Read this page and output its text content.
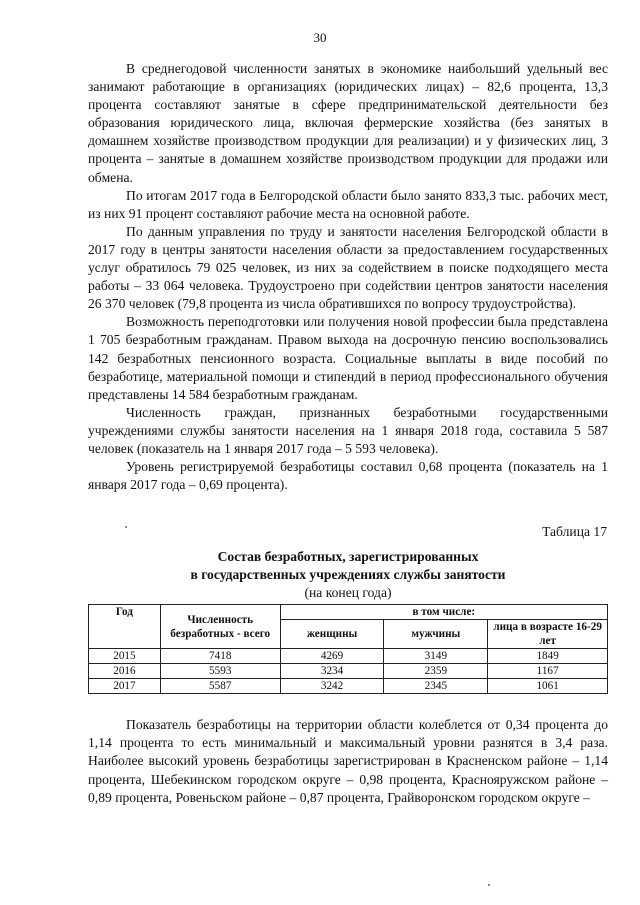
30

В среднегодовой численности занятых в экономике наибольший удельный вес занимают работающие в организациях (юридических лицах) – 82,6 процента, 13,3 процента составляют занятые в сфере предпринимательской деятельности без образования юридического лица, включая фермерские хозяйства (без занятых в домашнем хозяйстве производством продукции для реализации) и у физических лиц, 3 процента – занятые в домашнем хозяйстве производством продукции для продажи или обмена.

По итогам 2017 года в Белгородской области было занято 833,3 тыс. рабочих мест, из них 91 процент составляют рабочие места на основной работе.

По данным управления по труду и занятости населения Белгородской области в 2017 году в центры занятости населения области за предоставлением государственных услуг обратилось 79 025 человек, из них за содействием в поиске подходящего места работы – 33 064 человека. Трудоустроено при содействии центров занятости населения 26 370 человек (79,8 процента из числа обратившихся по вопросу трудоустройства).

Возможность переподготовки или получения новой профессии была представлена 1 705 безработным гражданам. Правом выхода на досрочную пенсию воспользовались 142 безработных пенсионного возраста. Социальные выплаты в виде пособий по безработице, материальной помощи и стипендий в период профессионального обучения представлены 14 584 безработным гражданам.

Численность граждан, признанных безработными государственными учреждениями службы занятости населения на 1 января 2018 года, составила 5 587 человек (показатель на 1 января 2017 года – 5 593 человека).

Уровень регистрируемой безработицы составил 0,68 процента (показатель на 1 января 2017 года – 0,69 процента).

Таблица 17
Состав безработных, зарегистрированных
в государственных учреждениях службы занятости
(на конец года)
Год	Численность безработных - всего	в том числе:		
		женщины	мужчины	лица в возрасте 16-29 лет
2015	7418	4269	3149	1849
2016	5593	3234	2359	1167
2017	5587	3242	2345	1061

Показатель безработицы на территории области колеблется от 0,34 процента до 1,14 процента то есть минимальный и максимальный уровни разнятся в 3,4 раза. Наиболее высокий уровень безработицы зарегистрирован в Красненском районе – 1,14 процента, Шебекинском городском округе – 0,98 процента, Краснояружском районе – 0,89 процента, Ровеньском районе – 0,87 процента, Грайворонском городском округе –
